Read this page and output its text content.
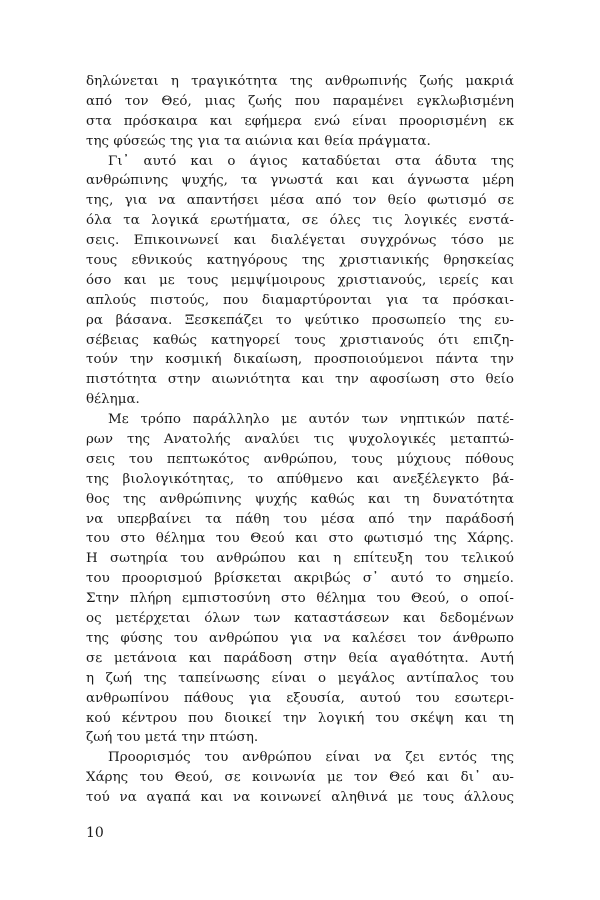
δηλώνεται η τραγικότητα της ανθρωπινής ζωής μακριά
από τον Θεό, μιας ζωής που παραμένει εγκλωβισμένη
στα πρόσκαιρα και εφήμερα ενώ είναι προορισμένη εκ
της φύσεώς της για τα αιώνια και θεία πράγματα.
Γι᾿ αυτό και ο άγιος καταδύεται στα άδυτα της
ανθρώπινης ψυχής, τα γνωστά και και άγνωστα μέρη
της, για να απαντήσει μέσα από τον θείο φωτισμό σε
όλα τα λογικά ερωτήματα, σε όλες τις λογικές ενστά-
σεις. Επικοινωνεί και διαλέγεται συγχρόνως τόσο με
τους εθνικούς κατηγόρους της χριστιανικής θρησκείας
όσο και με τους μεμψίμοιρους χριστιανούς, ιερείς και
απλούς πιστούς, που διαμαρτύρονται για τα πρόσκαι-
ρα βάσανα. Ξεσκεπάζει το ψεύτικο προσωπείο της ευ-
σέβειας καθώς κατηγορεί τους χριστιανούς ότι επιζη-
τούν την κοσμική δικαίωση, προσποιούμενοι πάντα την
πιστότητα στην αιωνιότητα και την αφοσίωση στο θείο
θέλημα.
Με τρόπο παράλληλο με αυτόν των νηπτικών πατέ-
ρων της Ανατολής αναλύει τις ψυχολογικές μεταπτώ-
σεις του πεπτωκότος ανθρώπου, τους μύχιους πόθους
της βιολογικότητας, το απύθμενο και ανεξέλεγκτο βά-
θος της ανθρώπινης ψυχής καθώς και τη δυνατότητα
να υπερβαίνει τα πάθη του μέσα από την παράδοσή
του στο θέλημα του Θεού και στο φωτισμό της Χάρης.
Η σωτηρία του ανθρώπου και η επίτευξη του τελικού
του προορισμού βρίσκεται ακριβώς σ᾿ αυτό το σημείο.
Στην πλήρη εμπιστοσύνη στο θέλημα του Θεού, ο οποί-
ος μετέρχεται όλων των καταστάσεων και δεδομένων
της φύσης του ανθρώπου για να καλέσει τον άνθρωπο
σε μετάνοια και παράδοση στην θεία αγαθότητα. Αυτή
η ζωή της ταπείνωσης είναι ο μεγάλος αντίπαλος του
ανθρωπίνου πάθους για εξουσία, αυτού του εσωτερι-
κού κέντρου που διοικεί την λογική του σκέψη και τη
ζωή του μετά την πτώση.
Προορισμός του ανθρώπου είναι να ζει εντός της
Χάρης του Θεού, σε κοινωνία με τον Θεό και δι᾿ αυ-
τού να αγαπά και να κοινωνεί αληθινά με τους άλλους
10
